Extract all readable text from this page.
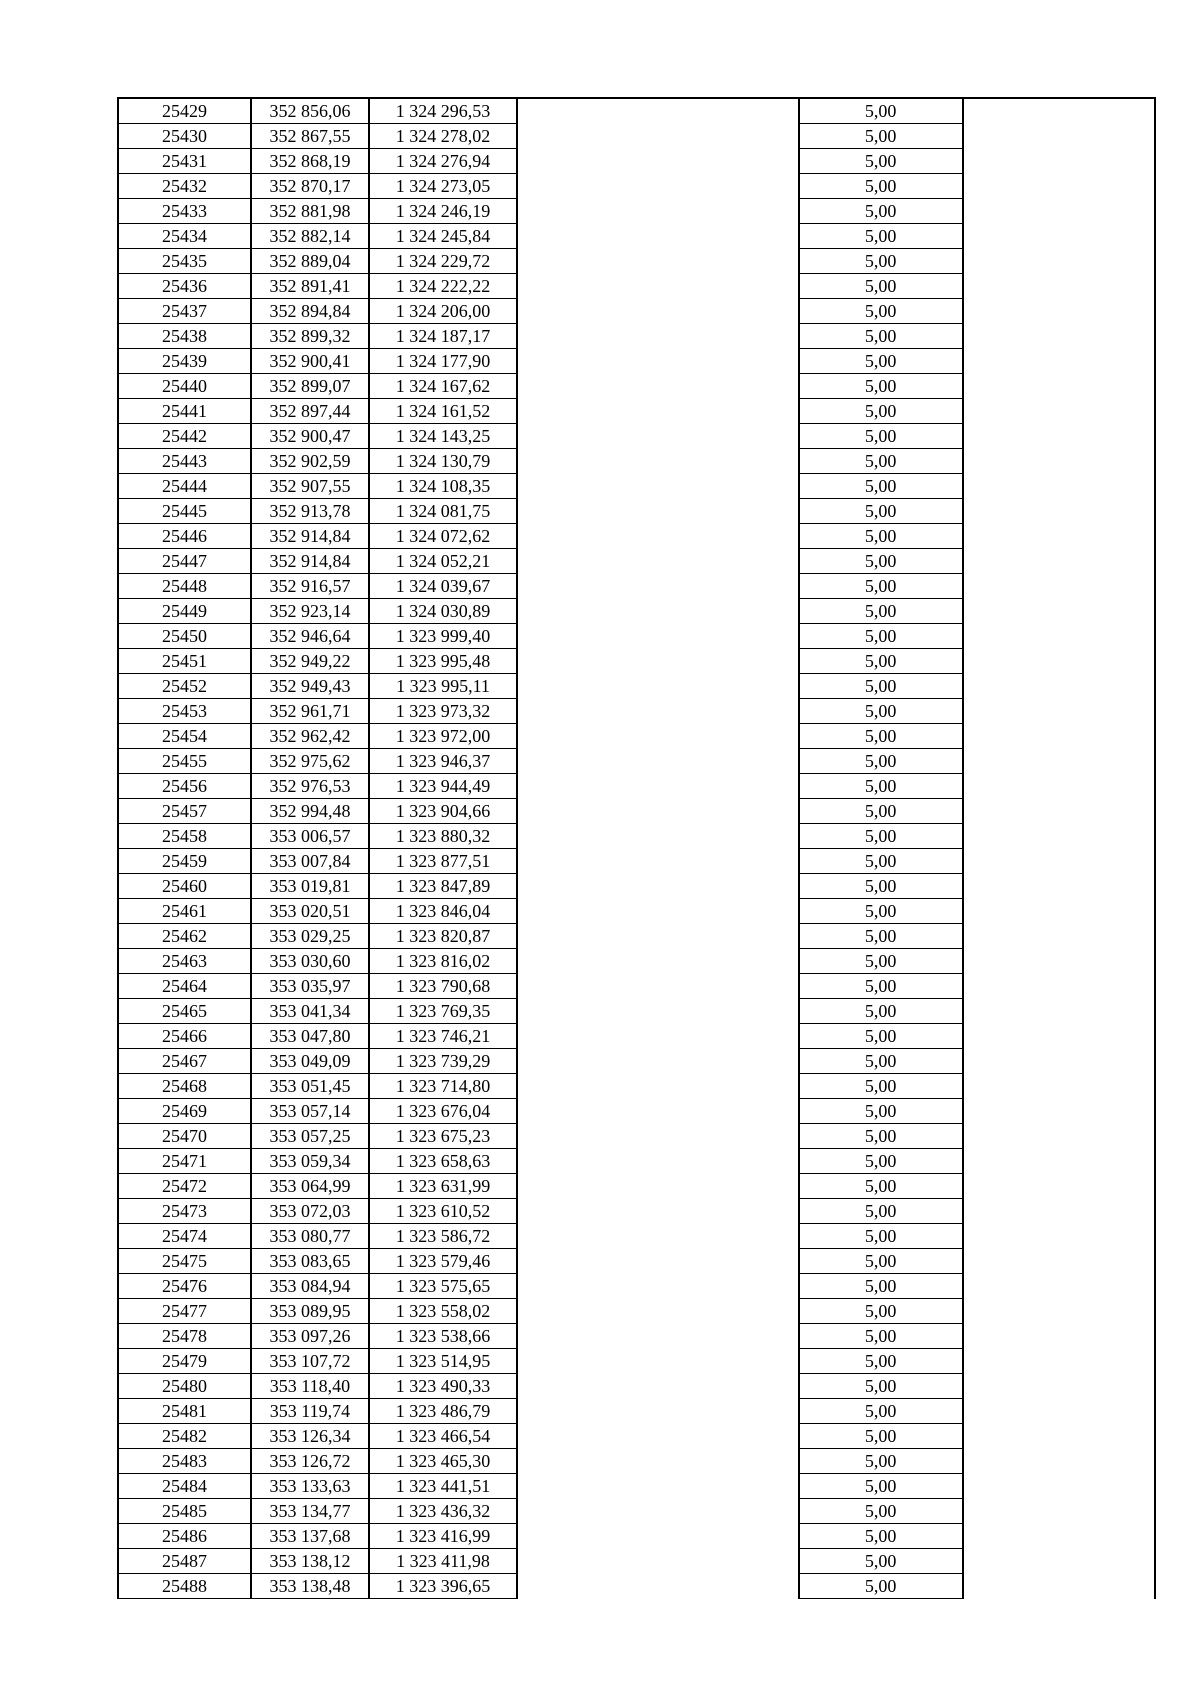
25429	352 856,06	1 324 296,53		5,00	
25430	352 867,55	1 324 278,02		5,00	
25431	352 868,19	1 324 276,94		5,00	
25432	352 870,17	1 324 273,05		5,00	
25433	352 881,98	1 324 246,19		5,00	
25434	352 882,14	1 324 245,84		5,00	
25435	352 889,04	1 324 229,72		5,00	
25436	352 891,41	1 324 222,22		5,00	
25437	352 894,84	1 324 206,00		5,00	
25438	352 899,32	1 324 187,17		5,00	
25439	352 900,41	1 324 177,90		5,00	
25440	352 899,07	1 324 167,62		5,00	
25441	352 897,44	1 324 161,52		5,00	
25442	352 900,47	1 324 143,25		5,00	
25443	352 902,59	1 324 130,79		5,00	
25444	352 907,55	1 324 108,35		5,00	
25445	352 913,78	1 324 081,75		5,00	
25446	352 914,84	1 324 072,62		5,00	
25447	352 914,84	1 324 052,21		5,00	
25448	352 916,57	1 324 039,67		5,00	
25449	352 923,14	1 324 030,89		5,00	
25450	352 946,64	1 323 999,40		5,00	
25451	352 949,22	1 323 995,48		5,00	
25452	352 949,43	1 323 995,11		5,00	
25453	352 961,71	1 323 973,32		5,00	
25454	352 962,42	1 323 972,00		5,00	
25455	352 975,62	1 323 946,37		5,00	
25456	352 976,53	1 323 944,49		5,00	
25457	352 994,48	1 323 904,66		5,00	
25458	353 006,57	1 323 880,32		5,00	
25459	353 007,84	1 323 877,51		5,00	
25460	353 019,81	1 323 847,89		5,00	
25461	353 020,51	1 323 846,04		5,00	
25462	353 029,25	1 323 820,87		5,00	
25463	353 030,60	1 323 816,02		5,00	
25464	353 035,97	1 323 790,68		5,00	
25465	353 041,34	1 323 769,35		5,00	
25466	353 047,80	1 323 746,21		5,00	
25467	353 049,09	1 323 739,29		5,00	
25468	353 051,45	1 323 714,80		5,00	
25469	353 057,14	1 323 676,04		5,00	
25470	353 057,25	1 323 675,23		5,00	
25471	353 059,34	1 323 658,63		5,00	
25472	353 064,99	1 323 631,99		5,00	
25473	353 072,03	1 323 610,52		5,00	
25474	353 080,77	1 323 586,72		5,00	
25475	353 083,65	1 323 579,46		5,00	
25476	353 084,94	1 323 575,65		5,00	
25477	353 089,95	1 323 558,02		5,00	
25478	353 097,26	1 323 538,66		5,00	
25479	353 107,72	1 323 514,95		5,00	
25480	353 118,40	1 323 490,33		5,00	
25481	353 119,74	1 323 486,79		5,00	
25482	353 126,34	1 323 466,54		5,00	
25483	353 126,72	1 323 465,30		5,00	
25484	353 133,63	1 323 441,51		5,00	
25485	353 134,77	1 323 436,32		5,00	
25486	353 137,68	1 323 416,99		5,00	
25487	353 138,12	1 323 411,98		5,00	
25488	353 138,48	1 323 396,65		5,00	
